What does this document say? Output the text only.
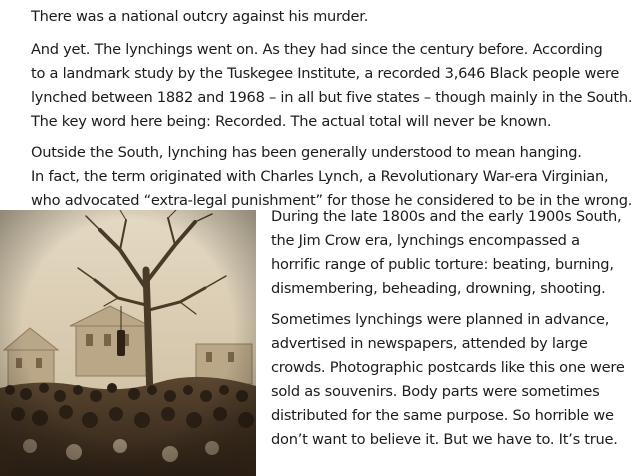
There was a national outcry against his murder.

And yet. The lynchings went on. As they had since the century before. According
to a landmark study by the Tuskegee Institute, a recorded 3,646 Black people were
lynched between 1882 and 1968 – in all but five states – though mainly in the South.
The key word here being: Recorded. The actual total will never be known.

Outside the South, lynching has been generally understood to mean hanging.
In fact, the term originated with Charles Lynch, a Revolutionary War-era Virginian,
who advocated “extra-legal punishment” for those he considered to be in the wrong.

During the late 1800s and the early 1900s South,
the Jim Crow era, lynchings encompassed a
horrific range of public torture: beating, burning,
dismembering, beheading, drowning, shooting.

Sometimes lynchings were planned in advance,
advertised in newspapers, attended by large
crowds. Photographic postcards like this one were
sold as souvenirs. Body parts were sometimes
distributed for the same purpose. So horrible we
don’t want to believe it. But we have to. It’s true.
